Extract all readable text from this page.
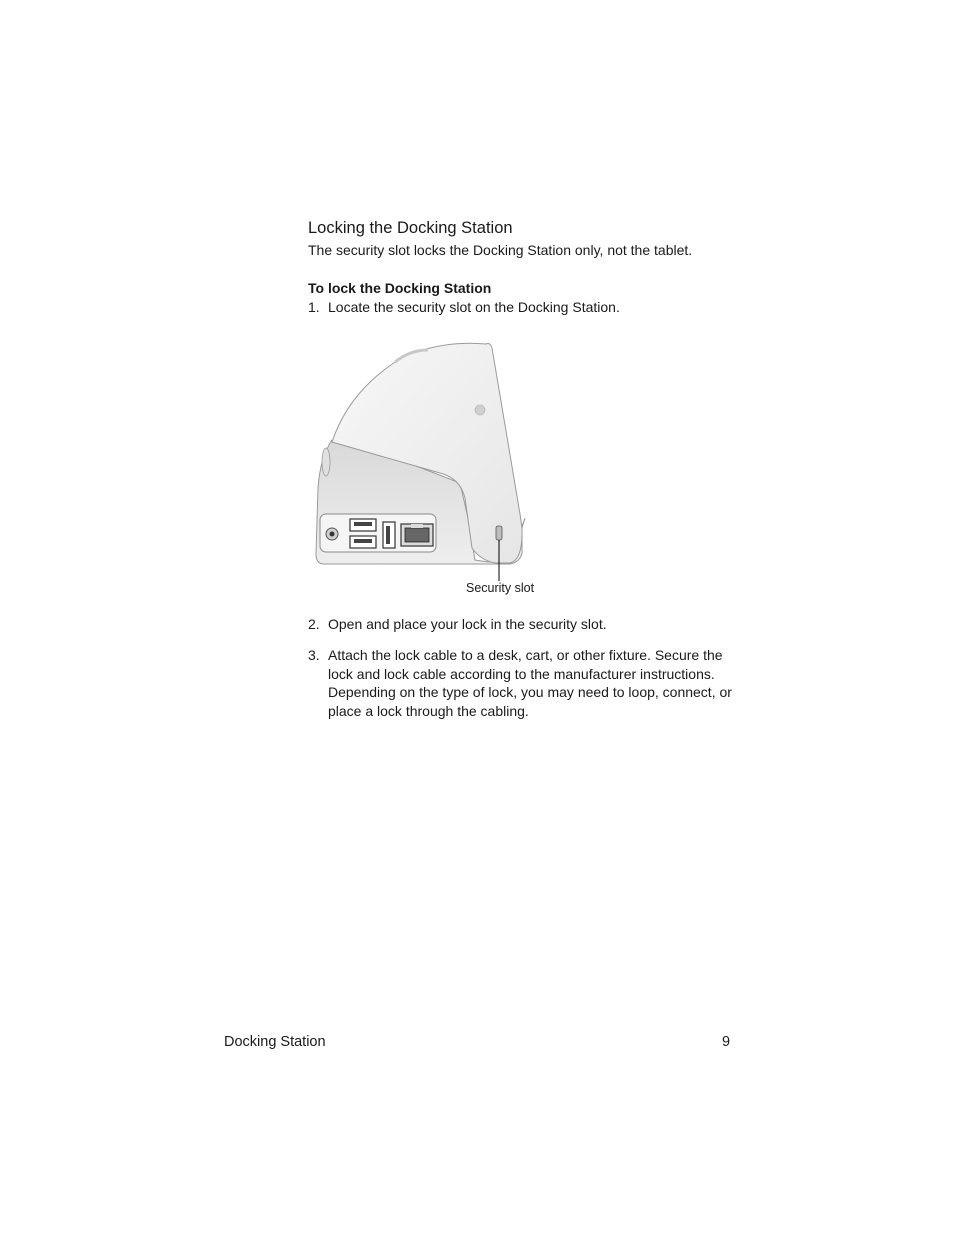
Locking the Docking Station
The security slot locks the Docking Station only, not the tablet.
To lock the Docking Station
1. Locate the security slot on the Docking Station.
Security slot
2. Open and place your lock in the security slot.
3. Attach the lock cable to a desk, cart, or other fixture. Secure the lock and lock cable according to the manufacturer instructions. Depending on the type of lock, you may need to loop, connect, or place a lock through the cabling.
Docking Station	9
